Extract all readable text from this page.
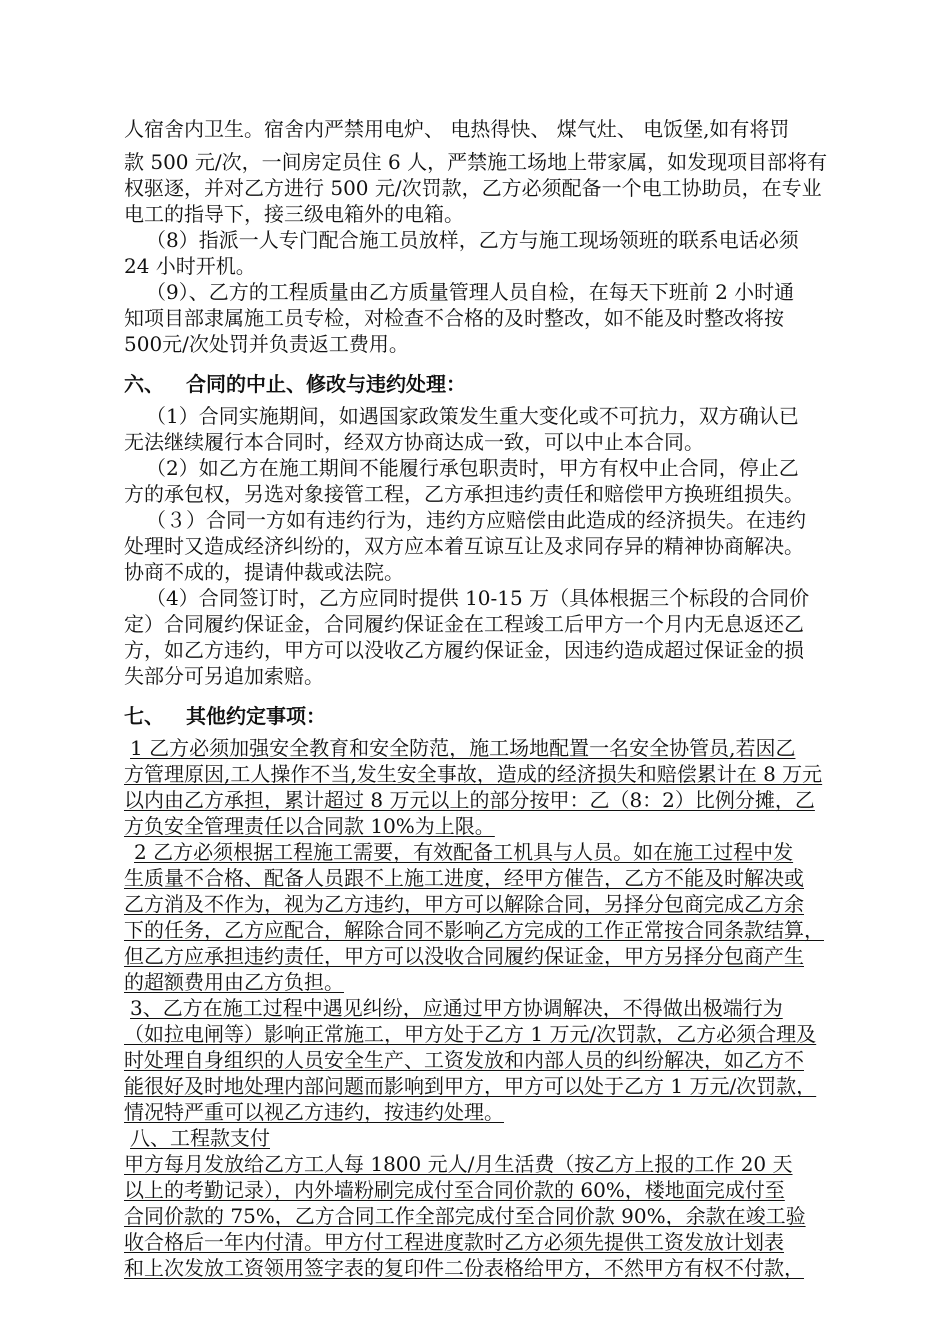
人宿舍内卫生。宿舍内严禁用电炉、 电热得快、 煤气灶、 电饭堡,如有将罚
款 500 元/次，一间房定员住 6 人，严禁施工场地上带家属，如发现项目部将有
权驱逐，并对乙方进行 500 元/次罚款，乙方必须配备一个电工协助员，在专业
电工的指导下，接三级电箱外的电箱。
（8）指派一人专门配合施工员放样，乙方与施工现场领班的联系电话必须
24 小时开机。
（9）、乙方的工程质量由乙方质量管理人员自检，在每天下班前 2 小时通
知项目部隶属施工员专检，对检查不合格的及时整改，如不能及时整改将按
500元/次处罚并负责返工费用。
六、 合同的中止、修改与违约处理：
（1）合同实施期间，如遇国家政策发生重大变化或不可抗力，双方确认已
无法继续履行本合同时，经双方协商达成一致，可以中止本合同。
（2）如乙方在施工期间不能履行承包职责时，甲方有权中止合同，停止乙
方的承包权，另选对象接管工程，乙方承担违约责任和赔偿甲方换班组损失。
（３）合同一方如有违约行为，违约方应赔偿由此造成的经济损失。在违约
处理时又造成经济纠纷的，双方应本着互谅互让及求同存异的精神协商解决。
协商不成的，提请仲裁或法院。
（4）合同签订时，乙方应同时提供 10-15 万（具体根据三个标段的合同价
定）合同履约保证金，合同履约保证金在工程竣工后甲方一个月内无息返还乙
方，如乙方违约，甲方可以没收乙方履约保证金，因违约造成超过保证金的损
失部分可另追加索赔。
七、 其他约定事项：
1 乙方必须加强安全教育和安全防范，施工场地配置一名安全协管员,若因乙
方管理原因,工人操作不当,发生安全事故，造成的经济损失和赔偿累计在 8 万元
以内由乙方承担，累计超过 8 万元以上的部分按甲：乙（8：2）比例分摊，乙
方负安全管理责任以合同款 10%为上限。
2 乙方必须根据工程施工需要，有效配备工机具与人员。如在施工过程中发
生质量不合格、配备人员跟不上施工进度，经甲方催告，乙方不能及时解决或
乙方消及不作为，视为乙方违约，甲方可以解除合同，另择分包商完成乙方余
下的任务，乙方应配合，解除合同不影响乙方完成的工作正常按合同条款结算，
但乙方应承担违约责任，甲方可以没收合同履约保证金，甲方另择分包商产生
的超额费用由乙方负担。
3、乙方在施工过程中遇见纠纷，应通过甲方协调解决，不得做出极端行为
（如拉电闸等）影响正常施工，甲方处于乙方 1 万元/次罚款，乙方必须合理及
时处理自身组织的人员安全生产、工资发放和内部人员的纠纷解决，如乙方不
能很好及时地处理内部问题而影响到甲方，甲方可以处于乙方 1 万元/次罚款，
情况特严重可以视乙方违约，按违约处理。
八、工程款支付
甲方每月发放给乙方工人每 1800 元人/月生活费（按乙方上报的工作 20 天
以上的考勤记录），内外墙粉刷完成付至合同价款的 60%，楼地面完成付至
合同价款的 75%，乙方合同工作全部完成付至合同价款 90%，余款在竣工验
收合格后一年内付清。甲方付工程进度款时乙方必须先提供工资发放计划表
和上次发放工资领用签字表的复印件二份表格给甲方，不然甲方有权不付款，
